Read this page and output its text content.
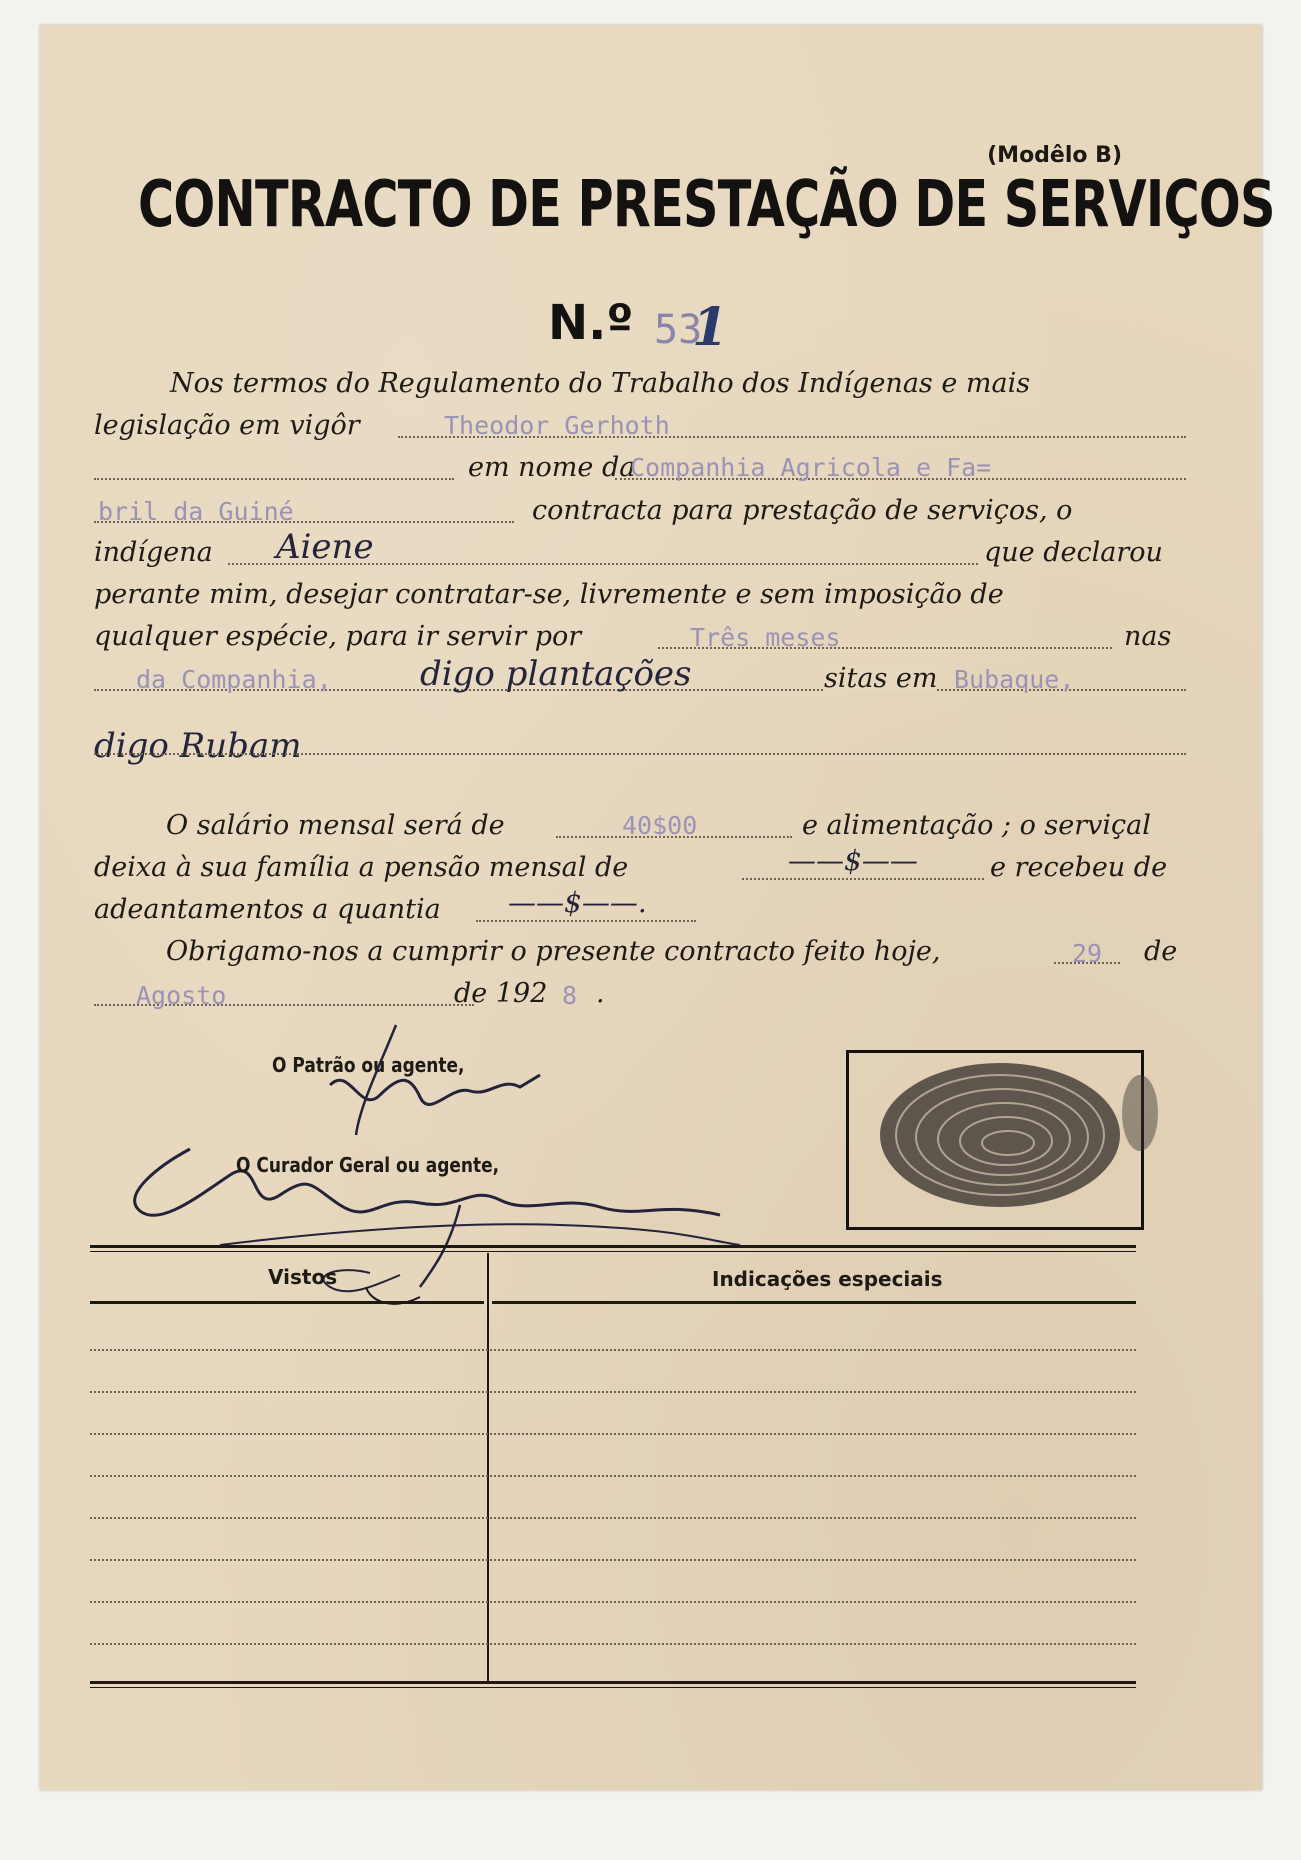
(Modêlo B)
CONTRACTO DE PRESTAÇÃO DE SERVIÇOS
N.º 53
1
Nos termos do Regulamento do Trabalho dos Indígenas e mais
legislação em vigôr	Theodor Gerhoth
em nome da
Companhia Agricola e Fa=
bril da Guiné	contracta para prestação de serviços, o
indígena Aiene	que declarou
perante mim, desejar contratar-se, livremente e sem imposição de
qualquer espécie, para ir servir por	Três meses	nas
da Companhia,	digo plantações	sitas em Bubaque,
digo Rubam
O salário mensal será de	40$00	e alimentação ; o serviçal
deixa à sua família a pensão mensal de	——$——	e recebeu de
adeantamentos a quantia ——$——.
Obrigamo-nos a cumprir o presente contracto feito hoje,	29 de
Agosto	de 192 8 .
O Patrão ou agente,
O Curador Geral ou agente,
Vistos	Indicações especiais
